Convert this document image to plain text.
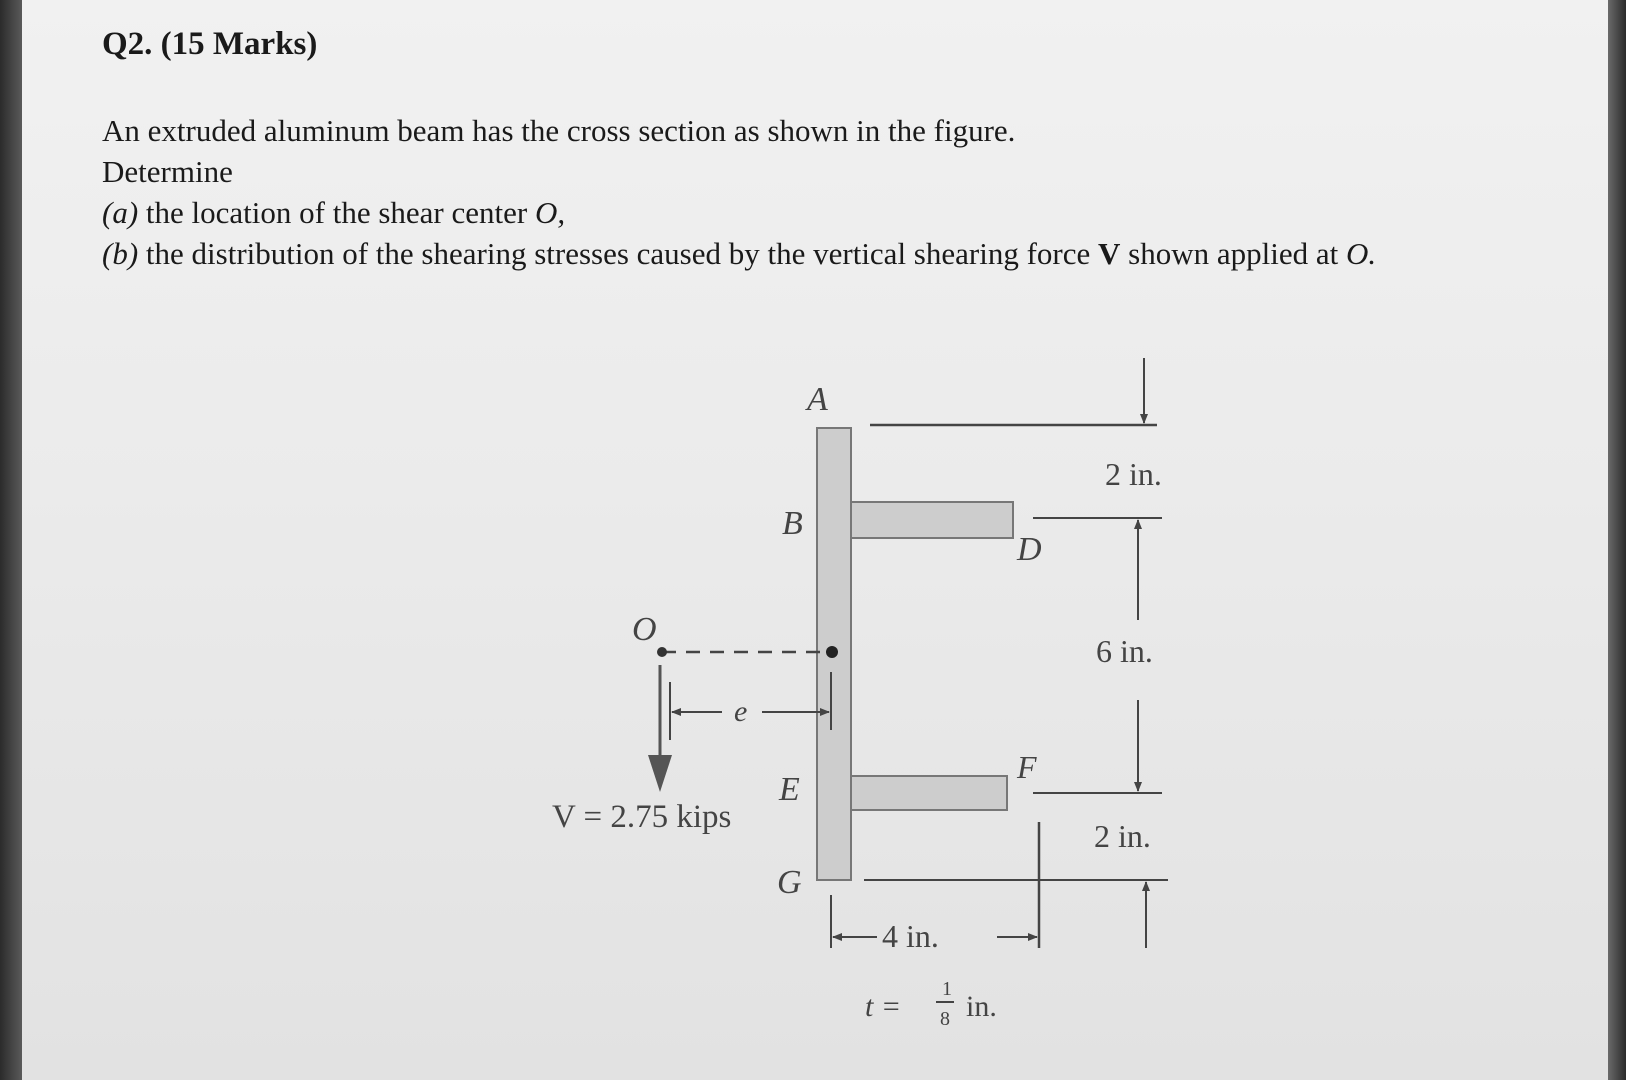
Q2. (15 Marks)
An extruded aluminum beam has the cross section as shown in the figure.
Determine
(a) the location of the shear center O,
(b) the distribution of the shearing stresses caused by the vertical shearing force V shown applied at O.
A
B
D
O
E
F
G
V = 2.75 kips
e
2 in.
6 in.
2 in.
4 in.
t =
1
8 in.
